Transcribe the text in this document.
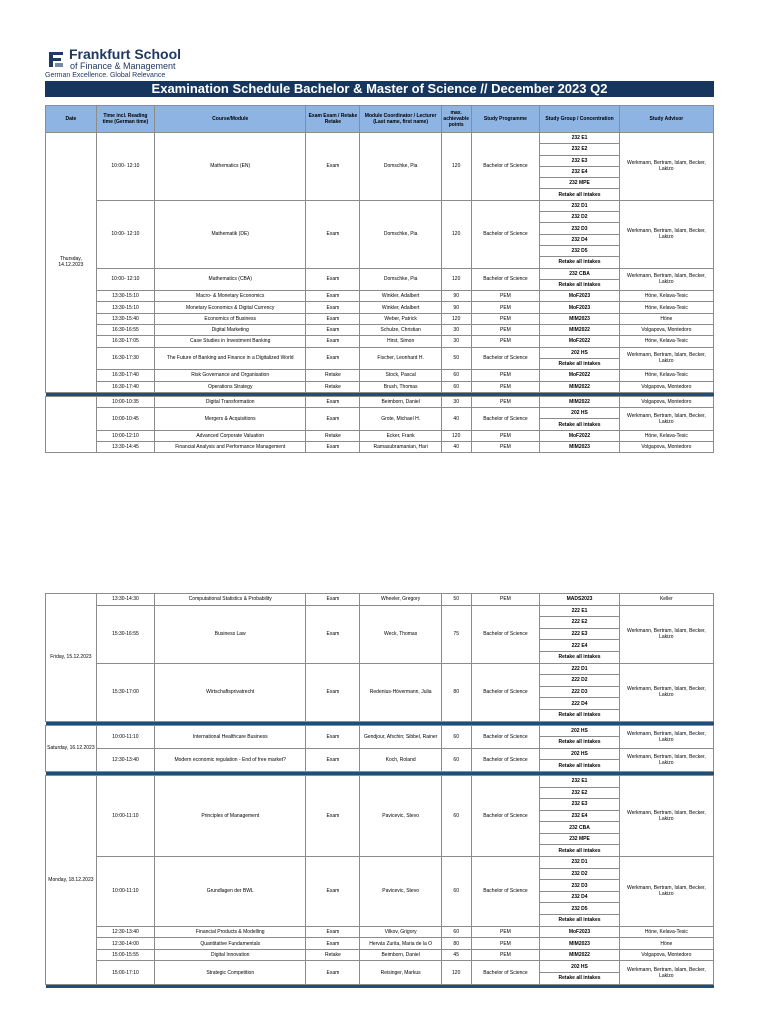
Frankfurt School
of Finance & Management
German Excellence. Global Relevance
Examination Schedule Bachelor & Master of Science // December 2023 Q2
Date	Time incl. Reading time (German time)	Course/Module	Exam Exam / Retake Retake	Module Coordinator / Lecturer (Last name, first name)	max. achievable points	Study Programme	Study Group / Concentration	Study Advisor
Thursday, 14.12.2023	10:00- 12:10	Mathematics (EN)	Exam	Domschke, Pia	120	Bachelor of Science	232 E1	Werkmann, Bertram, Islam, Becker, Lakizo
							232 E2	
							232 E3	
							232 E4	
							232 MPE	
							Retake all intakes	
	10:00- 12:10	Mathematik (DE)	Exam	Domschke, Pia	120	Bachelor of Science	232 D1	Werkmann, Bertram, Islam, Becker, Lakizo
							232 D2	
							232 D3	
							232 D4	
							232 D5	
							Retake all intakes	
	10:00- 12:10	Mathematics (CBA)	Exam	Domschke, Pia	120	Bachelor of Science	232 CBA	Werkmann, Bertram, Islam, Becker, Lakizo
							Retake all intakes	
	13:30-15:10	Macro- & Monetary Economics	Exam	Winkler, Adalbert	90	PEM	MoF2023	Höne, Kelava-Tesic
	13:30-15:10	Monetary Economics & Digital Currency	Exam	Winkler, Adalbert	90	PEM	MoF2023	Höne, Kelava-Tesic
	13:30-15:40	Economics of Business	Exam	Weber, Patrick	120	PEM	MIM2023	Höne
	16:30-16:55	Digital Marketing	Exam	Schulze, Christian	30	PEM	MIM2022	Volgapova, Montedoro
	16:30-17:05	Case Studies in Investment Banking	Exam	Hirst, Simon	30	PEM	MoF2022	Höne, Kelava-Tesic
	16:30-17:30	The Future of Banking and Finance in a Digitalized World	Exam	Fischer, Leonhard H.	50	Bachelor of Science	202 HS	Werkmann, Bertram, Islam, Becker, Lakizo
							Retake all intakes	
	16:30-17:40	Risk Governance and Organisation	Retake	Stock, Pascal	60	PEM	MoF2022	Höne, Kelava-Tesic
	16:30-17:40	Operations Strategy	Retake	Brush, Thomas	60	PEM	MIM2022	Volgapova, Montedoro

	10:00-10:35	Digital Transformation	Exam	Beimborn, Daniel	30	PEM	MIM2022	Volgapova, Montedoro
	10:00-10:45	Mergers & Acquisitions	Exam	Grote, Michael H.	40	Bachelor of Science	202 HS	Werkmann, Bertram, Islam, Becker, Lakizo
							Retake all intakes	
	10:00-12:10	Advanced Corporate Valuation	Retake	Ecker, Frank	120	PEM	MoF2022	Höne, Kelava-Tesic
	13:30-14:45	Financial Analysis and Performance Management	Exam	Ramasubramanian, Hari	40	PEM	MIM2023	Volgapova, Montedoro
Friday, 15.12.2023	13:30-14:30	Computational Statistics & Probability	Exam	Wheeler, Gregory	50	PEM	MADS2023	Keller
	15:30-16:55	Business Law	Exam	Weck, Thomas	75	Bachelor of Science	222 E1	Werkmann, Bertram, Islam, Becker, Lakizo
							222 E2	
							222 E3	
							222 E4	
							Retake all intakes	
	15:30-17:00	Wirtschaftsprivatrecht	Exam	Redenius-Hövermann, Julia	80	Bachelor of Science	222 D1	Werkmann, Bertram, Islam, Becker, Lakizo
							222 D2	
							222 D3	
							222 D4	
							Retake all intakes	

Saturday, 16.12.2023	10:00-11:10	International Healthcare Business	Exam	Gendjour, Afschin; Sibbel, Rainer	60	Bachelor of Science	202 HS	Werkmann, Bertram, Islam, Becker, Lakizo
							Retake all intakes	
	12:30-13:40	Modern economic regulation - End of free market?	Exam	Koch, Roland	60	Bachelor of Science	202 HS	Werkmann, Bertram, Islam, Becker, Lakizo
							Retake all intakes	

Monday, 18.12.2023	10:00-11:10	Principles of Management	Exam	Pavicevic, Stevo	60	Bachelor of Science	232 E1	Werkmann, Bertram, Islam, Becker, Lakizo
							232 E2	
							232 E3	
							232 E4	
							232 CBA	
							232 MPE	
							Retake all intakes	
	10:00-11:10	Grundlagen der BWL	Exam	Pavicevic, Stevo	60	Bachelor of Science	232 D1	Werkmann, Bertram, Islam, Becker, Lakizo
							232 D2	
							232 D3	
							232 D4	
							232 D5	
							Retake all intakes	
	12:30-13:40	Financial Products & Modelling	Exam	Vilkov, Grigory	60	PEM	MoF2023	Höne, Kelava-Tesic
	12:30-14:00	Quantitative Fundamentals	Exam	Hervás Zurita, Maria de la O	80	PEM	MIM2023	Höne
	15:00-15:55	Digital Innovation	Retake	Beimborn, Daniel	45	PEM	MIM2022	Volgapova, Montedoro
	15:00-17:10	Strategic Competition	Exam	Reisinger, Markus	120	Bachelor of Science	202 HS	Werkmann, Bertram, Islam, Becker, Lakizo
							Retake all intakes	
